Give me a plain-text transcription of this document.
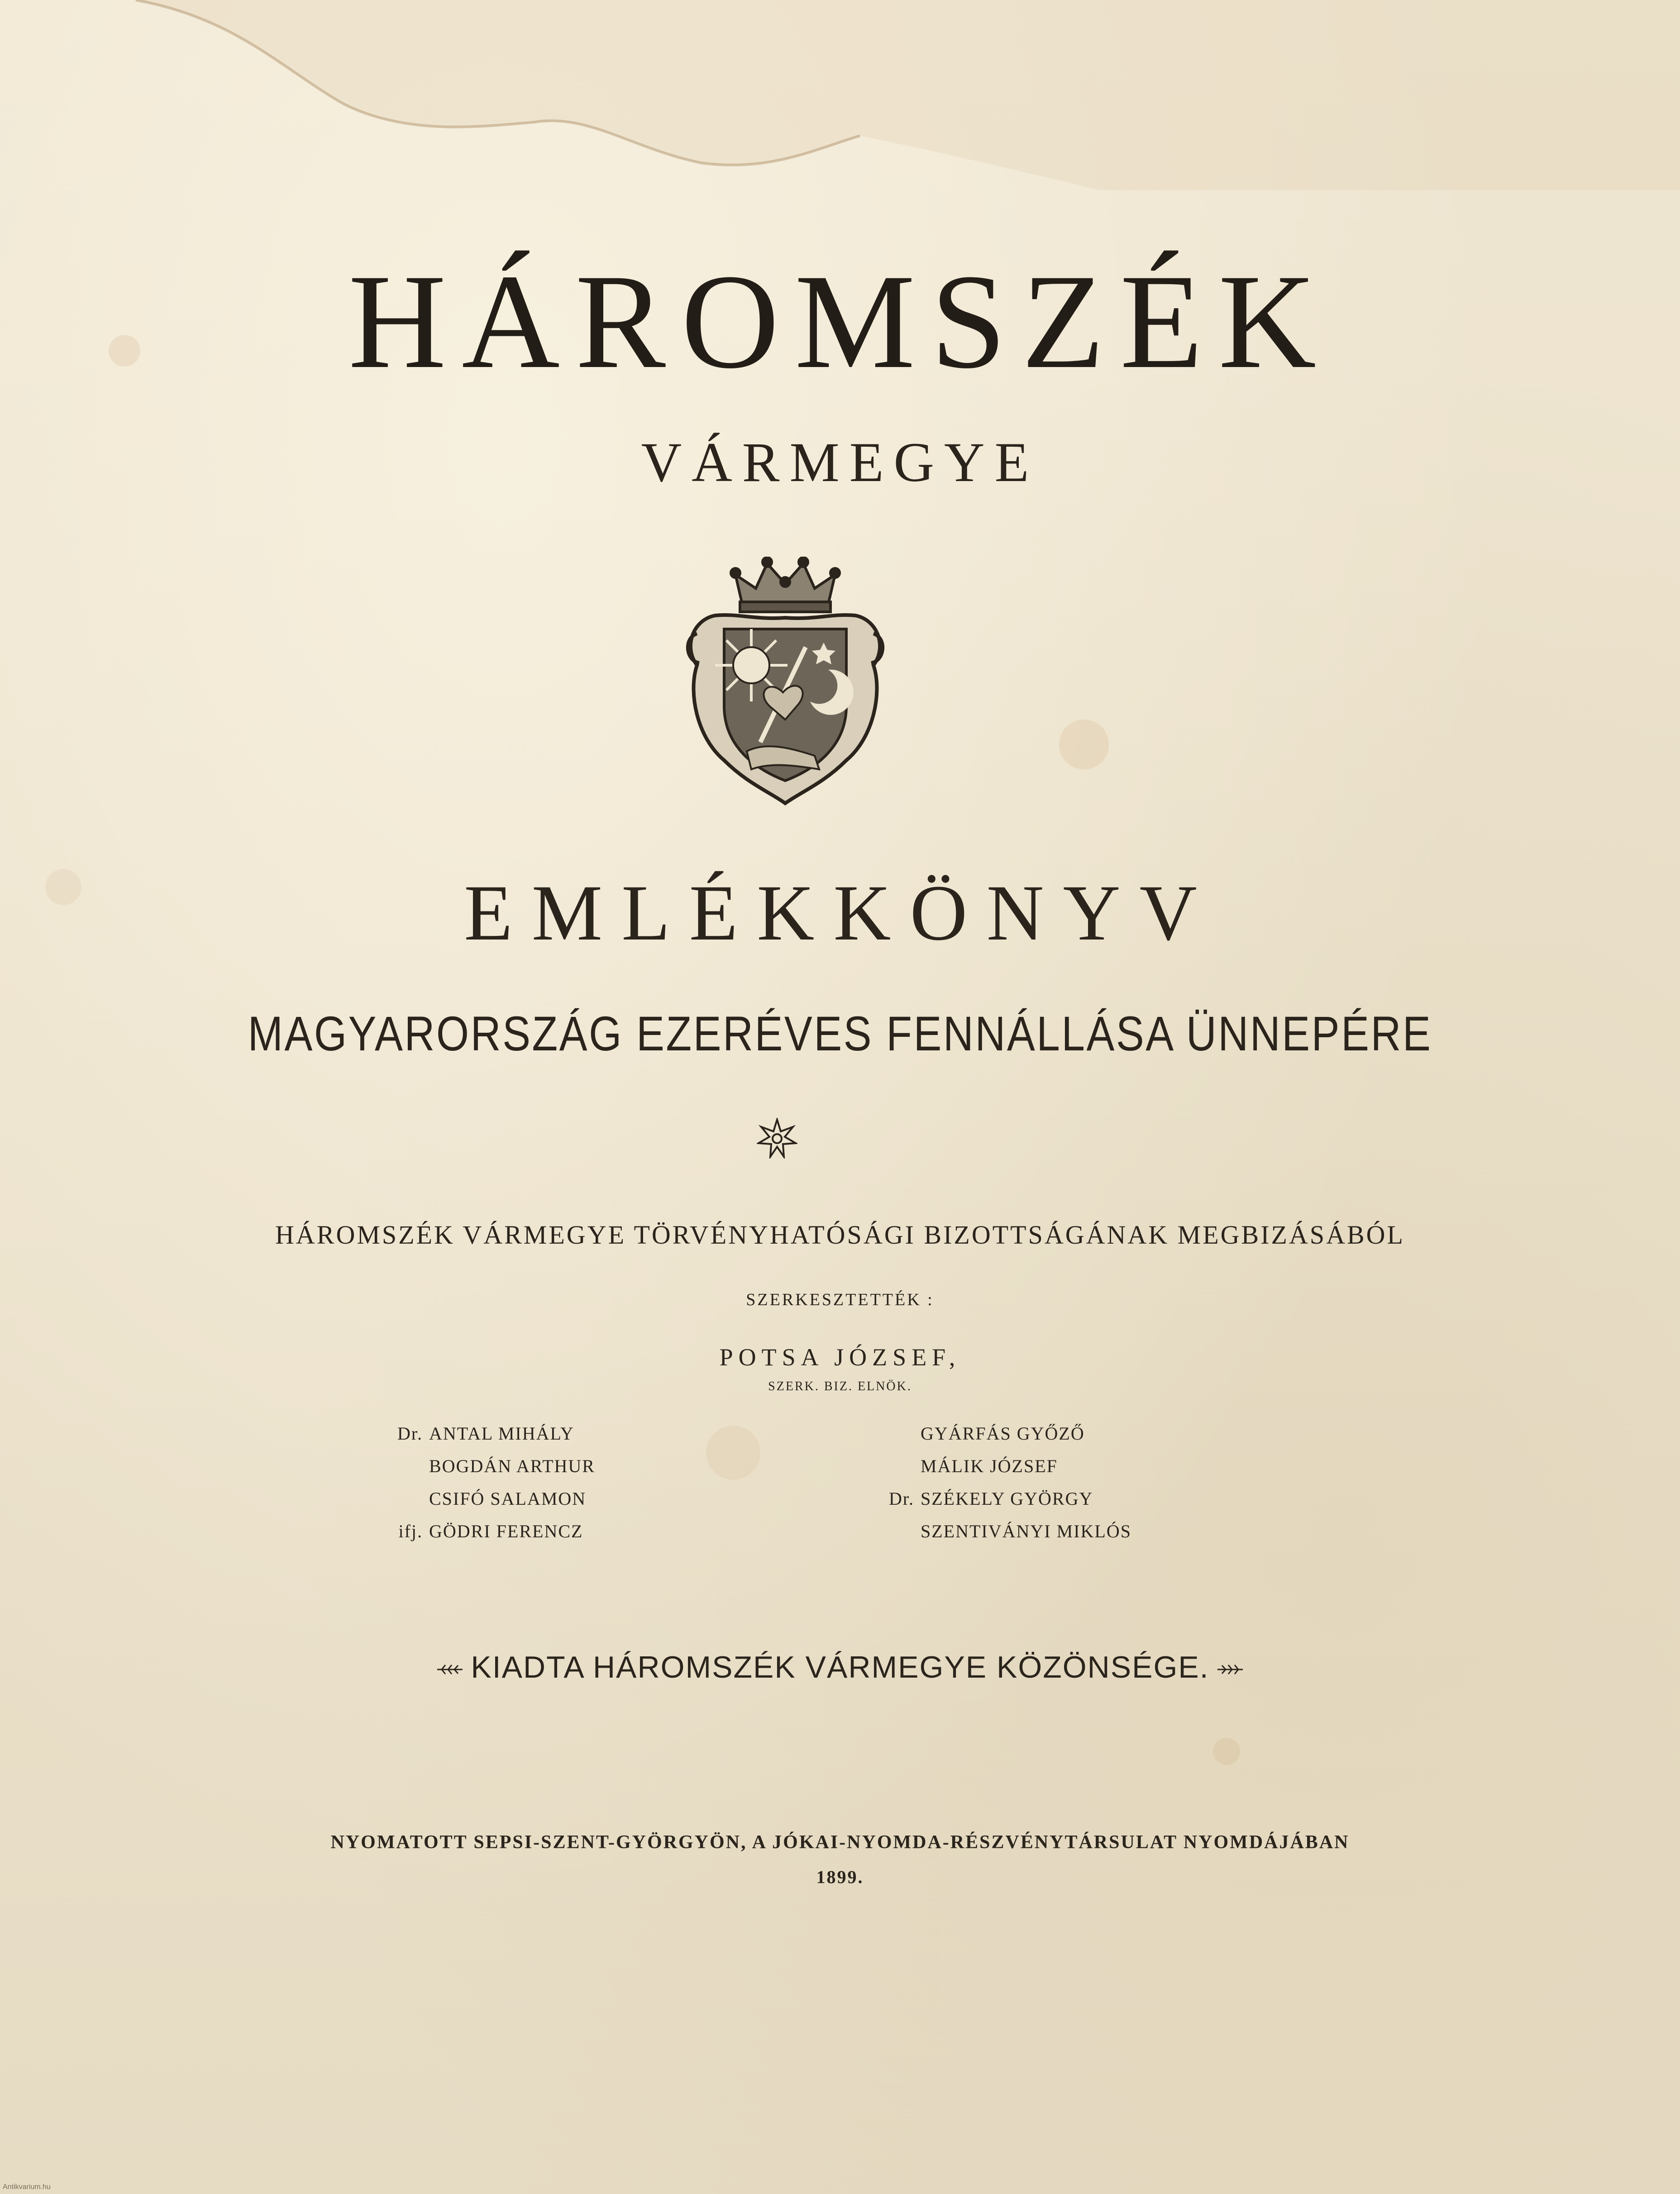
HÁROMSZÉK
VÁRMEGYE
EMLÉKKÖNYV
MAGYARORSZÁG EZERÉVES FENNÁLLÁSA ÜNNEPÉRE
HÁROMSZÉK VÁRMEGYE TÖRVÉNYHATÓSÁGI BIZOTTSÁGÁNAK MEGBIZÁSÁBÓL
SZERKESZTETTÉK :
POTSA JÓZSEF,
SZERK. BIZ. ELNÖK.
Dr. ANTAL MIHÁLY
BOGDÁN ARTHUR
CSIFÓ SALAMON
ifj. GÖDRI FERENCZ
GYÁRFÁS GYŐZŐ
MÁLIK JÓZSEF
Dr. SZÉKELY GYÖRGY
SZENTIVÁNYI MIKLÓS
KIADTA HÁROMSZÉK VÁRMEGYE KÖZÖNSÉGE.
NYOMATOTT SEPSI-SZENT-GYÖRGYÖN, A JÓKAI-NYOMDA-RÉSZVÉNYTÁRSULAT NYOMDÁJÁBAN
1899.
Antikvarium.hu
